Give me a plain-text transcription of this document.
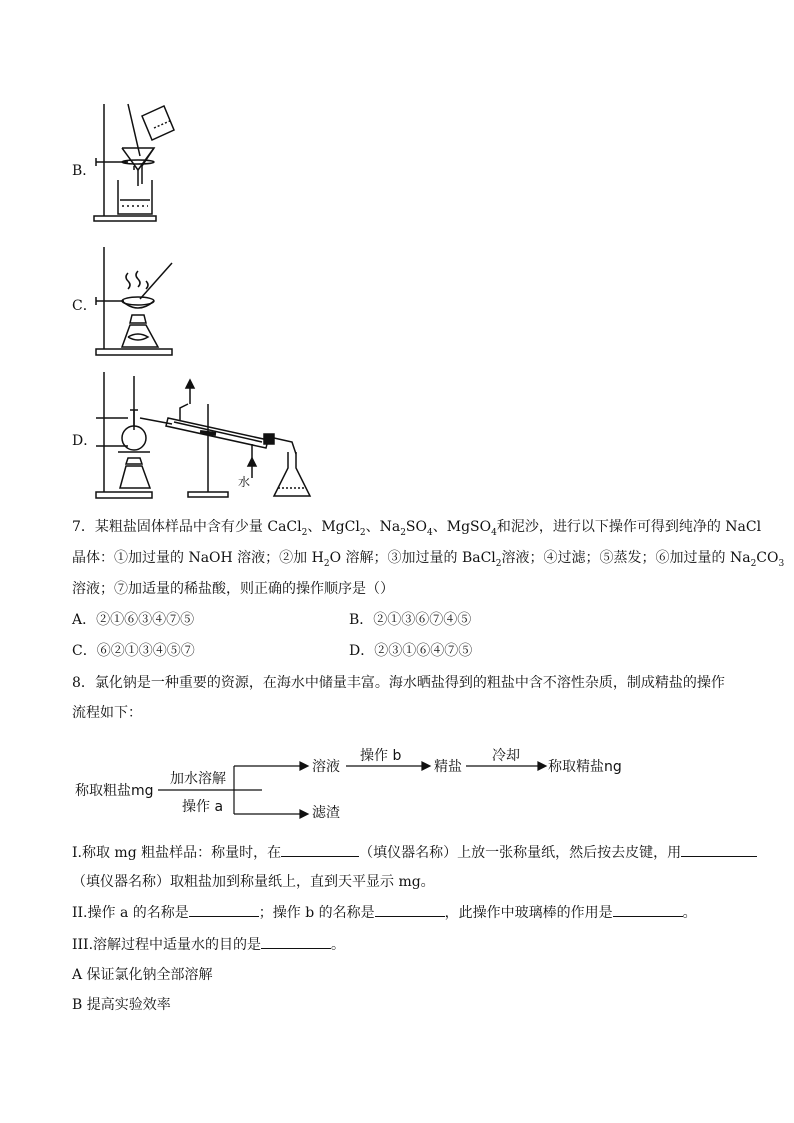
B．
C．
D．
水
7．某粗盐固体样品中含有少量 CaCl$_2$、MgCl$_2$、$Na_2SO_4$、MgSO$_4$和泥沙，进行以下操作可得到纯净的 NaCl
晶体：①加过量的 NaOH 溶液；②加 $H_2O$ 溶解；③加过量的 BaCl$_2$溶液；④过滤；⑤蒸发；⑥加过量的 $Na_2CO_3$
溶液；⑦加适量的稀盐酸，则正确的操作顺序是（）
A．②①⑥③④⑦⑤	B．②①③⑥⑦④⑤
C．⑥②①③④⑤⑦	D．②③①⑥④⑦⑤
8．氯化钠是一种重要的资源，在海水中储量丰富。海水晒盐得到的粗盐中含不溶性杂质，制成精盐的操作
流程如下：
称取粗盐mg
加水溶解
操作 a
溶液
滤渣
操作 b
精盐
冷却
称取精盐ng
I.称取 mg 粗盐样品：称量时，在	（填仪器名称）上放一张称量纸，然后按去皮键，用
（填仪器名称）取粗盐加到称量纸上，直到天平显示 mg。
II.操作 a 的名称是	；操作 b 的名称是	，此操作中玻璃棒的作用是	。
III.溶解过程中适量水的目的是	。
A 保证氯化钠全部溶解
B 提高实验效率
